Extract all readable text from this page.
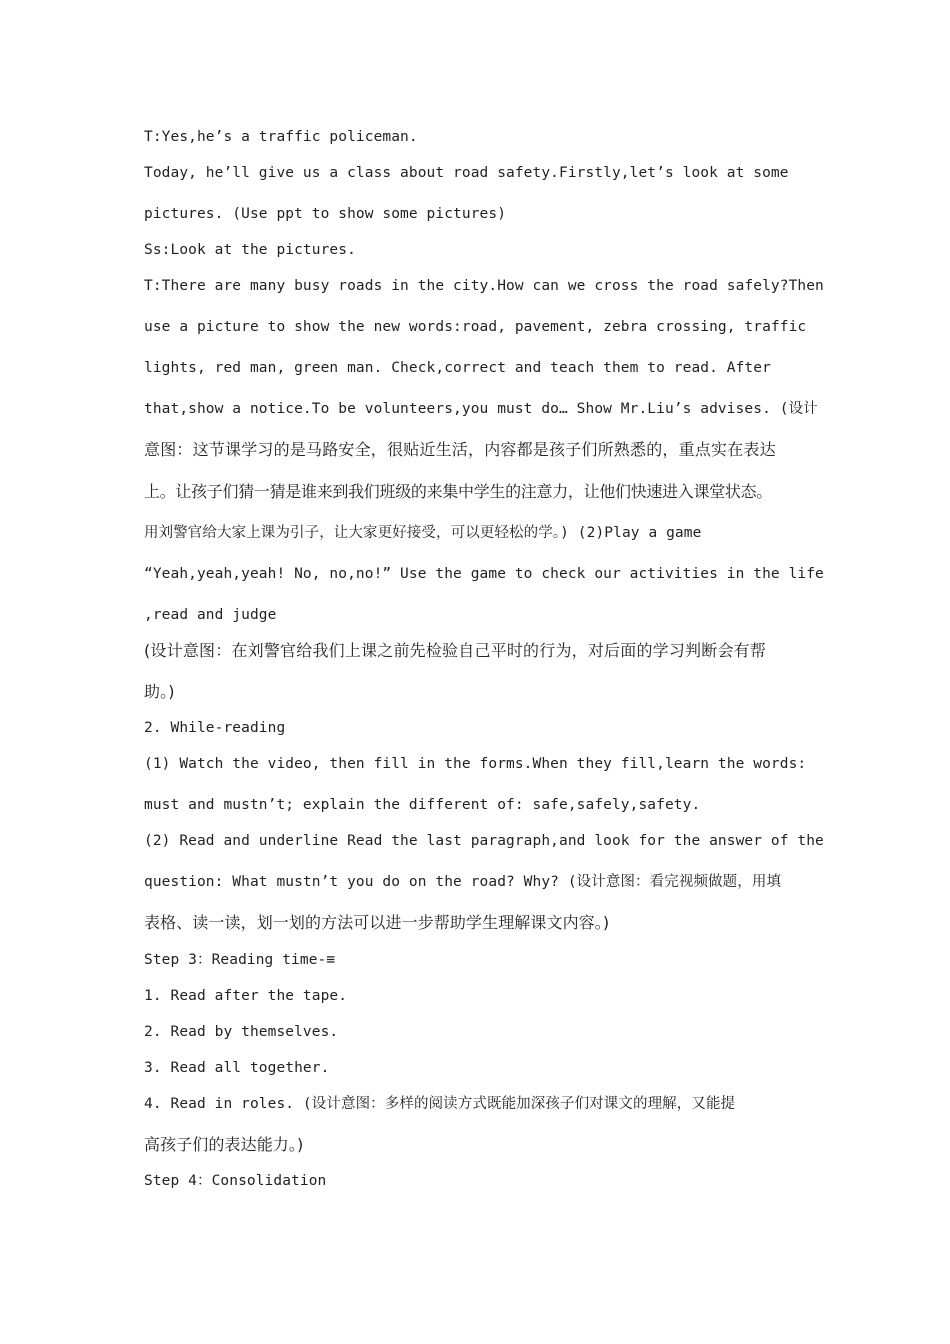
T:Yes,he’s a traffic policeman.
Today, he’ll give us a class about road safety.Firstly,let’s look at some
pictures. (Use ppt to show some pictures)
Ss:Look at the pictures.
T:There are many busy roads in the city.How can we cross the road safely?Then
use a picture to show the new words:road, pavement, zebra crossing, traffic
lights, red man, green man. Check,correct and teach them to read. After
that,show a notice.To be volunteers,you must do… Show Mr.Liu’s advises. (设计
意图：这节课学习的是马路安全，很贴近生活，内容都是孩子们所熟悉的，重点实在表达
上。让孩子们猜一猜是谁来到我们班级的来集中学生的注意力，让他们快速进入课堂状态。
用刘警官给大家上课为引子，让大家更好接受，可以更轻松的学。) (2)Play a game
“Yeah,yeah,yeah! No, no,no!” Use the game to check our activities in the life
,read and judge
(设计意图：在刘警官给我们上课之前先检验自己平时的行为，对后面的学习判断会有帮
助。)
2. While-reading
(1) Watch the video, then fill in the forms.When they fill,learn the words:
must and mustn’t; explain the different of: safe,safely,safety.
(2) Read and underline Read the last paragraph,and look for the answer of the
question: What mustn’t you do on the road? Why? (设计意图：看完视频做题，用填
表格、读一读，划一划的方法可以进一步帮助学生理解课文内容。)
Step 3：Reading time-≡
1. Read after the tape.
2. Read by themselves.
3. Read all together.
4. Read in roles. (设计意图：多样的阅读方式既能加深孩子们对课文的理解，又能提
高孩子们的表达能力。)
Step 4：Consolidation
